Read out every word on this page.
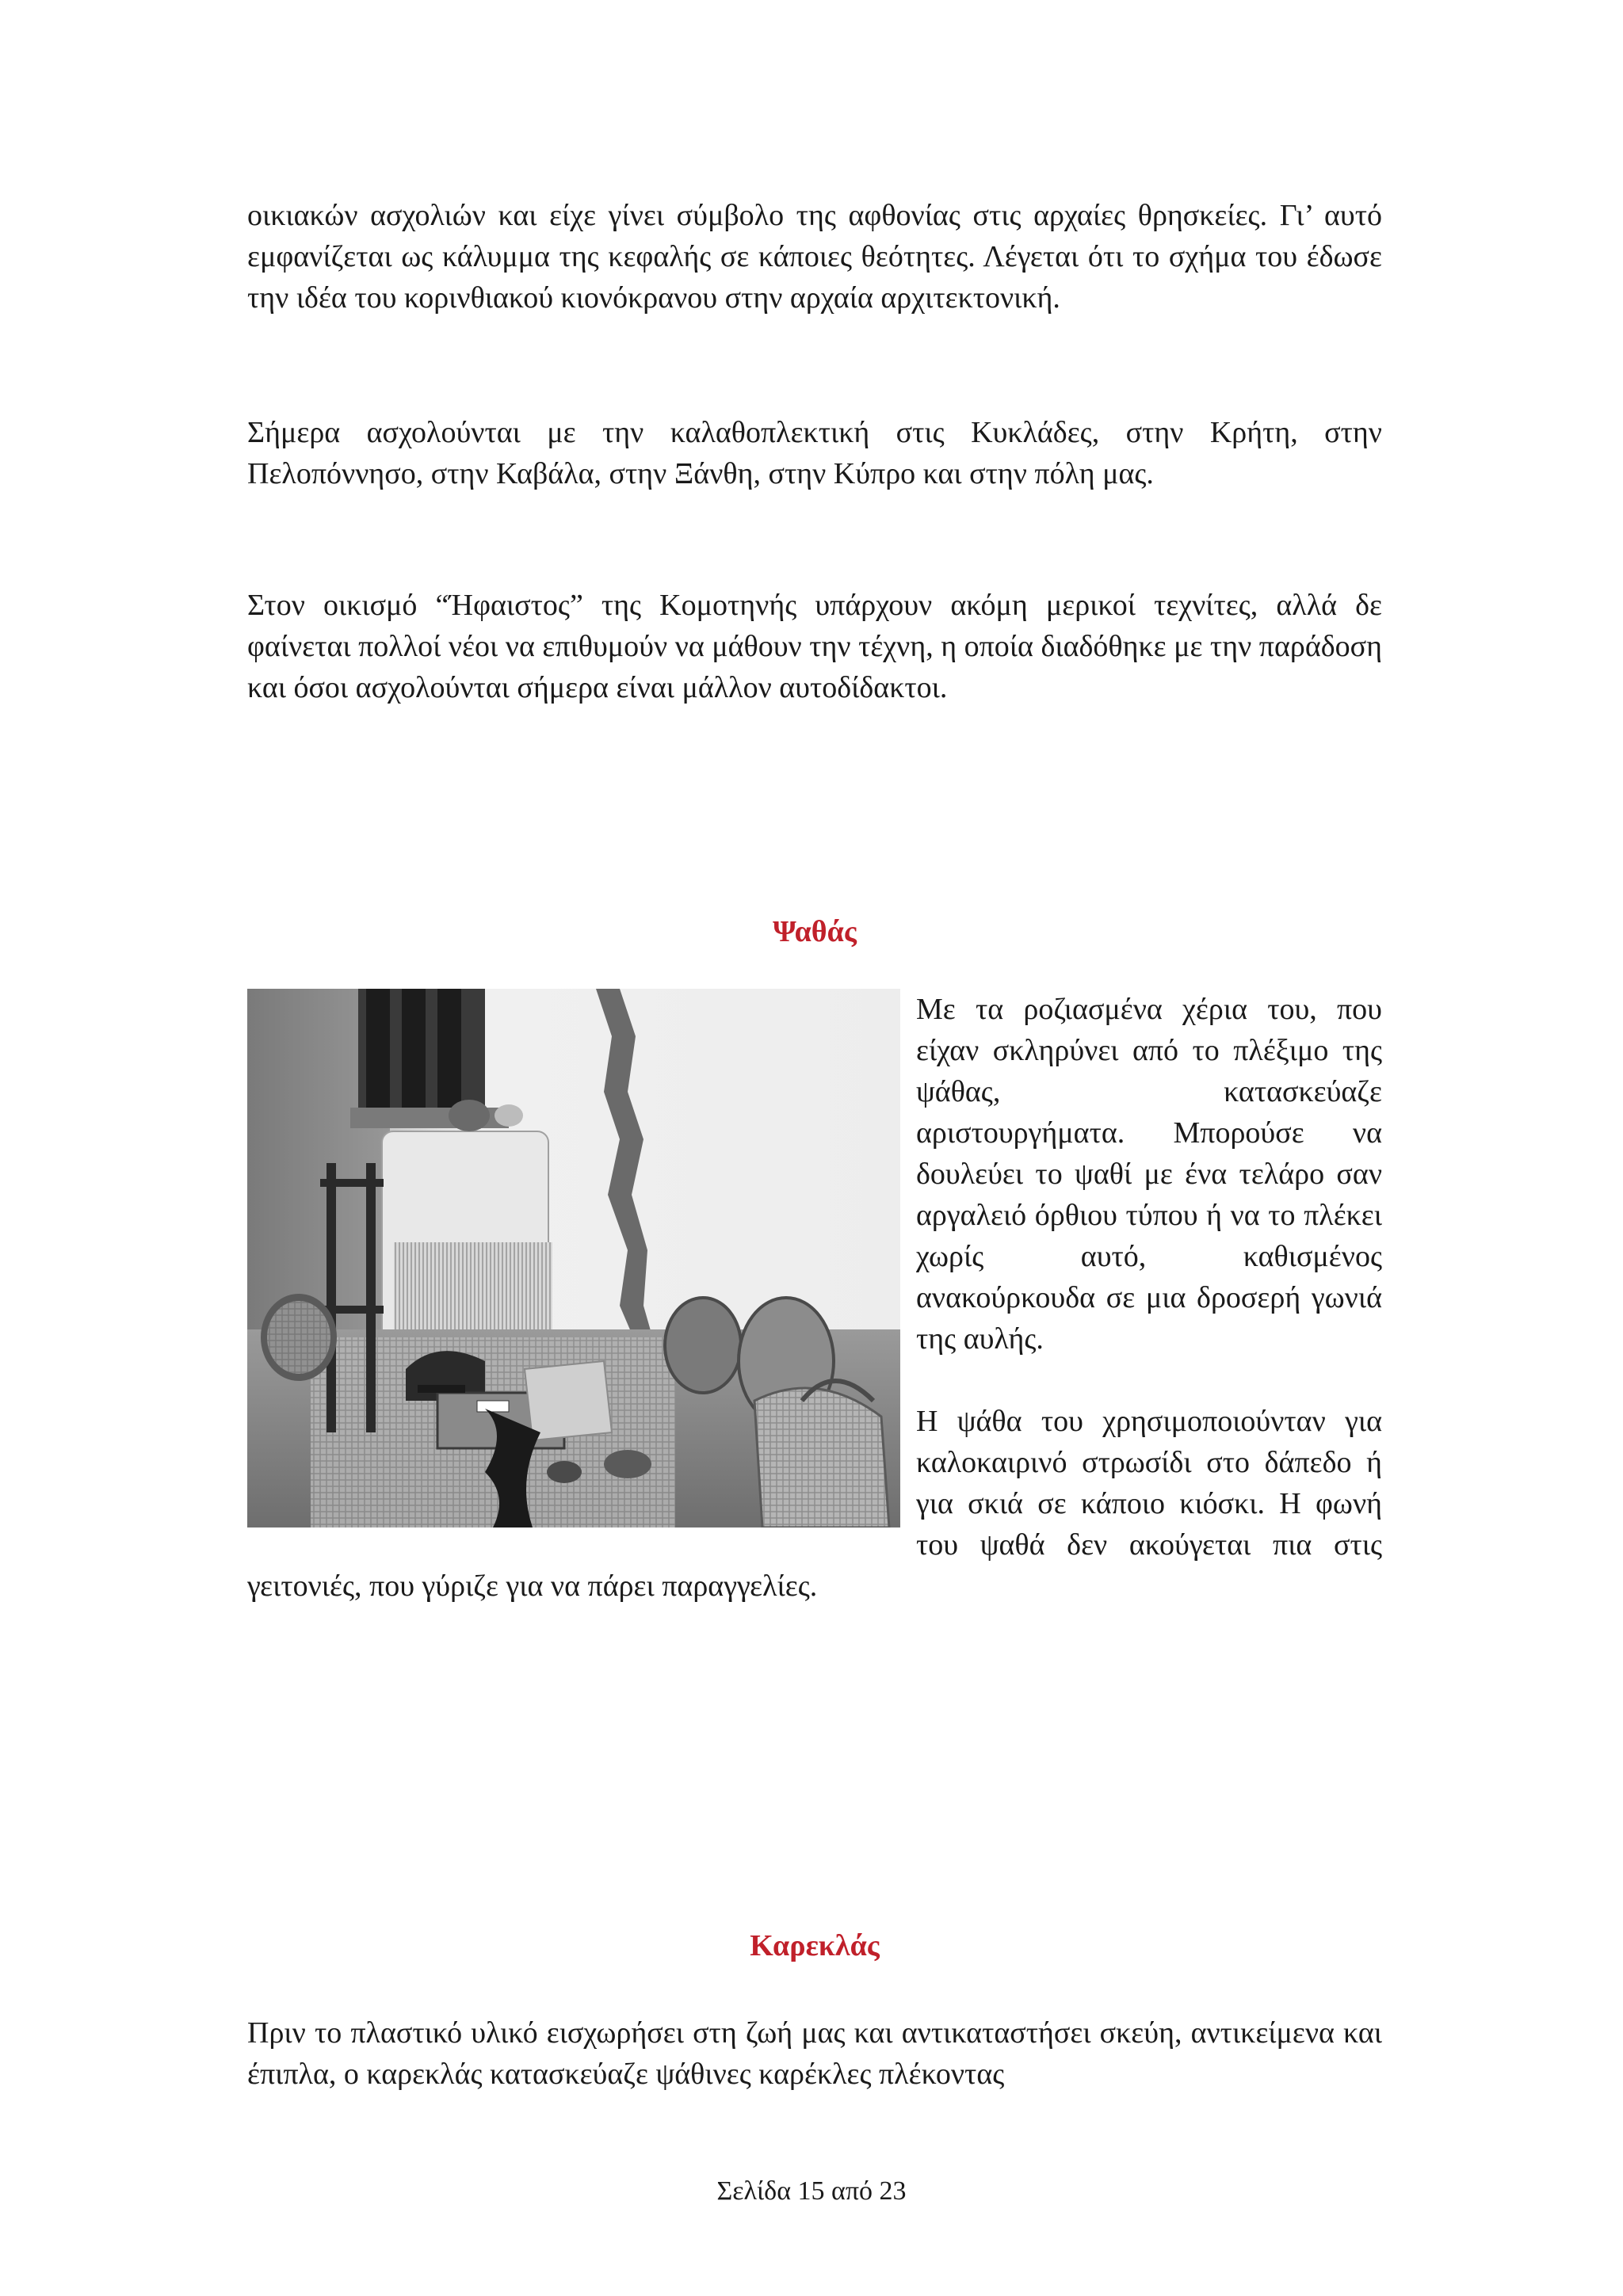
οικιακών ασχολιών και είχε γίνει σύμβολο της αφθονίας στις αρχαίες θρησκείες. Γι’ αυτό εμφανίζεται ως κάλυμμα της κεφαλής σε κάποιες θεότητες. Λέγεται ότι το σχήμα του έδωσε την ιδέα του κορινθιακού κιονόκρανου στην αρχαία αρχιτεκτονική.

Σήμερα ασχολούνται με την καλαθοπλεκτική στις Κυκλάδες, στην Κρήτη, στην Πελοπόννησο, στην Καβάλα, στην Ξάνθη, στην Κύπρο και στην πόλη μας.

Στον οικισμό “Ήφαιστος” της Κομοτηνής υπάρχουν ακόμη μερικοί τεχνίτες, αλλά δε φαίνεται πολλοί νέοι να επιθυμούν να μάθουν την τέχνη, η οποία διαδόθηκε με την παράδοση και όσοι ασχολούνται σήμερα είναι μάλλον αυτοδίδακτοι.

Ψαθάς

Με τα ροζιασμένα χέρια του, που είχαν σκληρύνει από το πλέξιμο της ψάθας, κατασκεύαζε αριστουργήματα. Μπορούσε να δουλεύει το ψαθί με ένα τελάρο σαν αργαλειό όρθιου τύπου ή να το πλέκει χωρίς αυτό, καθισμένος ανακούρκουδα σε μια δροσερή γωνιά της αυλής.

Η ψάθα του χρησιμοποιούνταν για καλοκαιρινό στρωσίδι στο δάπεδο ή για σκιά σε κάποιο κιόσκι. Η φωνή του ψαθά δεν ακούγεται πια στις γειτονιές, που γύριζε για να πάρει παραγγελίες.

Καρεκλάς

Πριν το πλαστικό υλικό εισχωρήσει στη ζωή μας και αντικαταστήσει σκεύη, αντικείμενα και έπιπλα, ο καρεκλάς κατασκεύαζε ψάθινες καρέκλες πλέκοντας

Σελίδα 15 από 23
